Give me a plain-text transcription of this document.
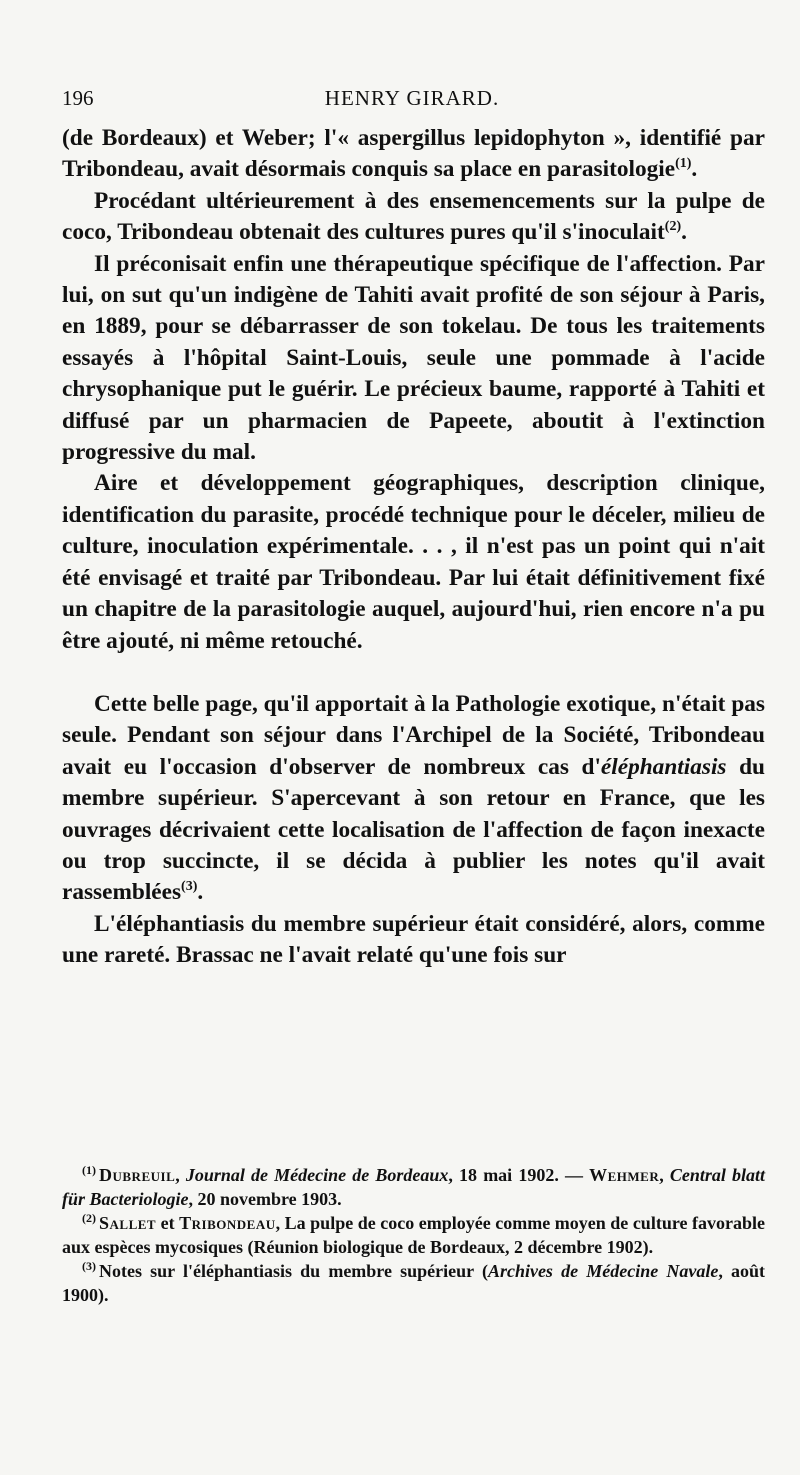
196	HENRY GIRARD.

(de Bordeaux) et Weber; l'« aspergillus lepidophyton », identifié par Tribondeau, avait désormais conquis sa place en parasitologie$^{(1)}$.

Procédant ultérieurement à des ensemencements sur la pulpe de coco, Tribondeau obtenait des cultures pures qu'il s'inoculait$^{(2)}$.

Il préconisait enfin une thérapeutique spécifique de l'affection. Par lui, on sut qu'un indigène de Tahiti avait profité de son séjour à Paris, en 1889, pour se débarrasser de son tokelau. De tous les traitements essayés à l'hôpital Saint-Louis, seule une pommade à l'acide chrysophanique put le guérir. Le précieux baume, rapporté à Tahiti et diffusé par un pharmacien de Papeete, aboutit à l'extinction progressive du mal.

Aire et développement géographiques, description clinique, identification du parasite, procédé technique pour le déceler, milieu de culture, inoculation expérimentale. . . , il n'est pas un point qui n'ait été envisagé et traité par Tribondeau. Par lui était définitivement fixé un chapitre de la parasitologie auquel, aujourd'hui, rien encore n'a pu être ajouté, ni même retouché.

Cette belle page, qu'il apportait à la Pathologie exotique, n'était pas seule. Pendant son séjour dans l'Archipel de la Société, Tribondeau avait eu l'occasion d'observer de nombreux cas d'éléphantiasis du membre supérieur. S'apercevant à son retour en France, que les ouvrages décrivaient cette localisation de l'affection de façon inexacte ou trop succincte, il se décida à publier les notes qu'il avait rassemblées$^{(3)}$.

L'éléphantiasis du membre supérieur était considéré, alors, comme une rareté. Brassac ne l'avait relaté qu'une fois sur

$^{(1)}$ Dubreuil, Journal de Médecine de Bordeaux, 18 mai 1902. — Wehmer, Central blatt für Bacteriologie, 20 novembre 1903.

$^{(2)}$ Sallet et Tribondeau, La pulpe de coco employée comme moyen de culture favorable aux espèces mycosiques (Réunion biologique de Bordeaux, 2 décembre 1902).

$^{(3)}$ Notes sur l'éléphantiasis du membre supérieur (Archives de Médecine Navale, août 1900).
